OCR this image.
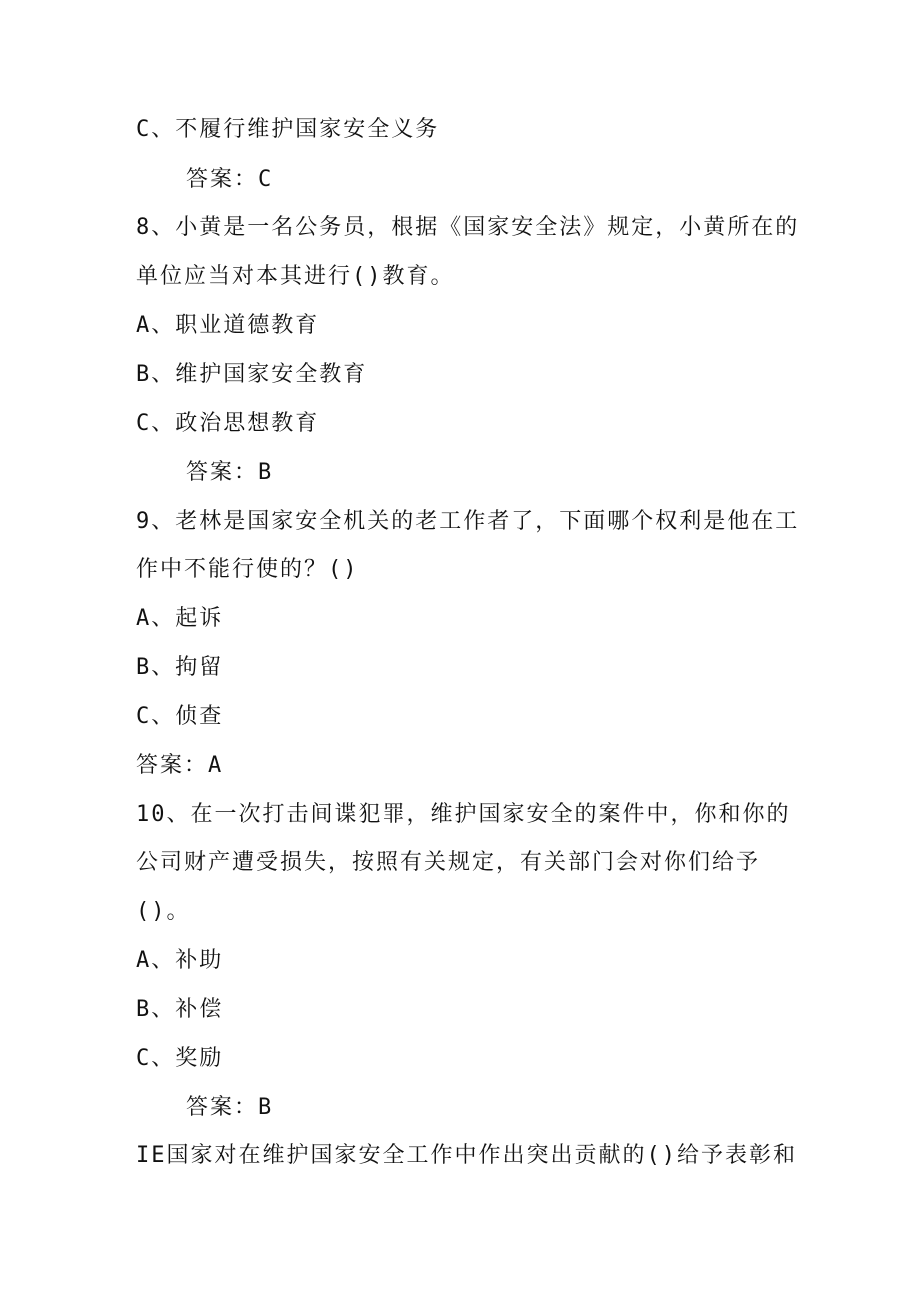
C、不履行维护国家安全义务
答案：C
8、小黄是一名公务员，根据《国家安全法》规定，小黄所在的
单位应当对本其进行()教育。
A、职业道德教育
B、维护国家安全教育
C、政治思想教育
答案：B
9、老林是国家安全机关的老工作者了，下面哪个权利是他在工
作中不能行使的？()
A、起诉
B、拘留
C、侦查
答案：A
10、在一次打击间谍犯罪，维护国家安全的案件中，你和你的
公司财产遭受损失，按照有关规定，有关部门会对你们给予
()。
A、补助
B、补偿
C、奖励
答案：B
IE国家对在维护国家安全工作中作出突出贡献的()给予表彰和
